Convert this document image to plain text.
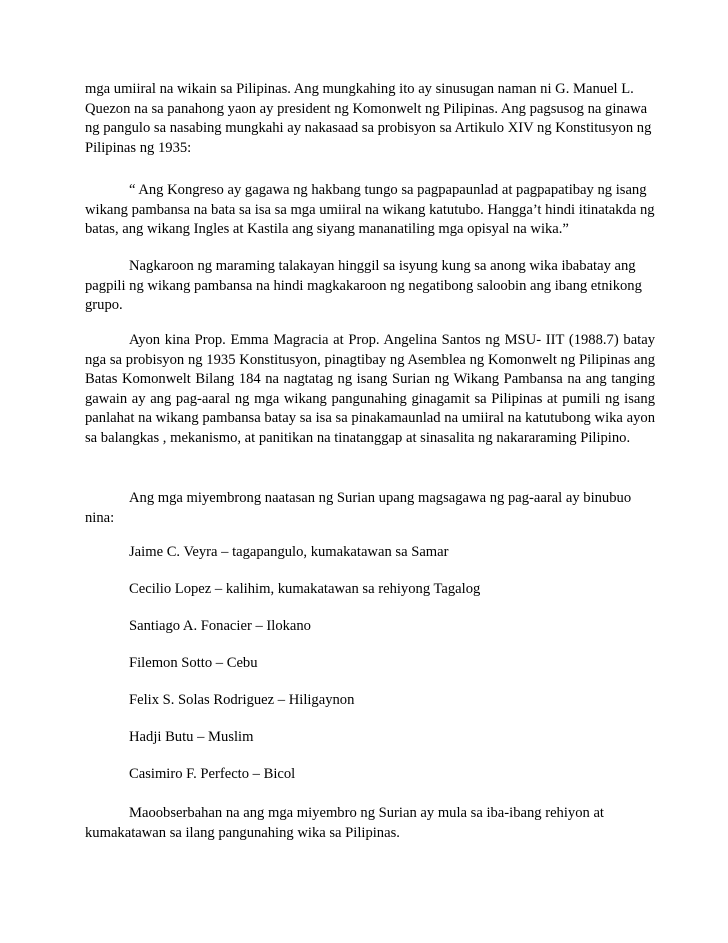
mga umiiral na wikain sa Pilipinas. Ang mungkahing ito ay sinusugan naman ni G. Manuel L. Quezon na sa panahong yaon ay president ng Komonwelt ng Pilipinas. Ang pagsusog na ginawa ng pangulo sa nasabing mungkahi ay nakasaad sa probisyon sa Artikulo XIV ng Konstitusyon ng Pilipinas ng 1935:

“ Ang Kongreso ay gagawa ng hakbang tungo sa pagpapaunlad at pagpapatibay ng isang wikang pambansa na bata sa isa sa mga umiiral na wikang katutubo. Hangga’t hindi itinatakda ng batas, ang wikang Ingles at Kastila ang siyang mananatiling mga opisyal na wika.”

Nagkaroon ng maraming talakayan hinggil sa isyung kung sa anong wika ibabatay ang pagpili ng wikang pambansa na hindi magkakaroon ng negatibong saloobin ang ibang etnikong grupo.

Ayon kina Prop. Emma Magracia at Prop. Angelina Santos ng MSU- IIT (1988.7) batay nga sa probisyon ng 1935 Konstitusyon, pinagtibay ng Asemblea ng Komonwelt ng Pilipinas ang Batas Komonwelt Bilang 184 na nagtatag ng isang Surian ng Wikang Pambansa na ang tanging gawain ay ang pag-aaral ng mga wikang pangunahing ginagamit sa Pilipinas at pumili ng isang panlahat na wikang pambansa batay sa isa sa pinakamaunlad na umiiral na katutubong wika ayon sa balangkas , mekanismo, at panitikan na tinatanggap at sinasalita ng nakararaming Pilipino.

Ang mga miyembrong naatasan ng Surian upang magsagawa ng pag-aaral ay binubuo nina:

Jaime C. Veyra – tagapangulo, kumakatawan sa Samar

Cecilio Lopez – kalihim, kumakatawan sa rehiyong Tagalog

Santiago A. Fonacier – Ilokano

Filemon Sotto – Cebu

Felix S. Solas Rodriguez – Hiligaynon

Hadji Butu – Muslim

Casimiro F. Perfecto – Bicol

Maoobserbahan na ang mga miyembro ng Surian ay mula sa iba-ibang rehiyon at kumakatawan sa ilang pangunahing wika sa Pilipinas.
